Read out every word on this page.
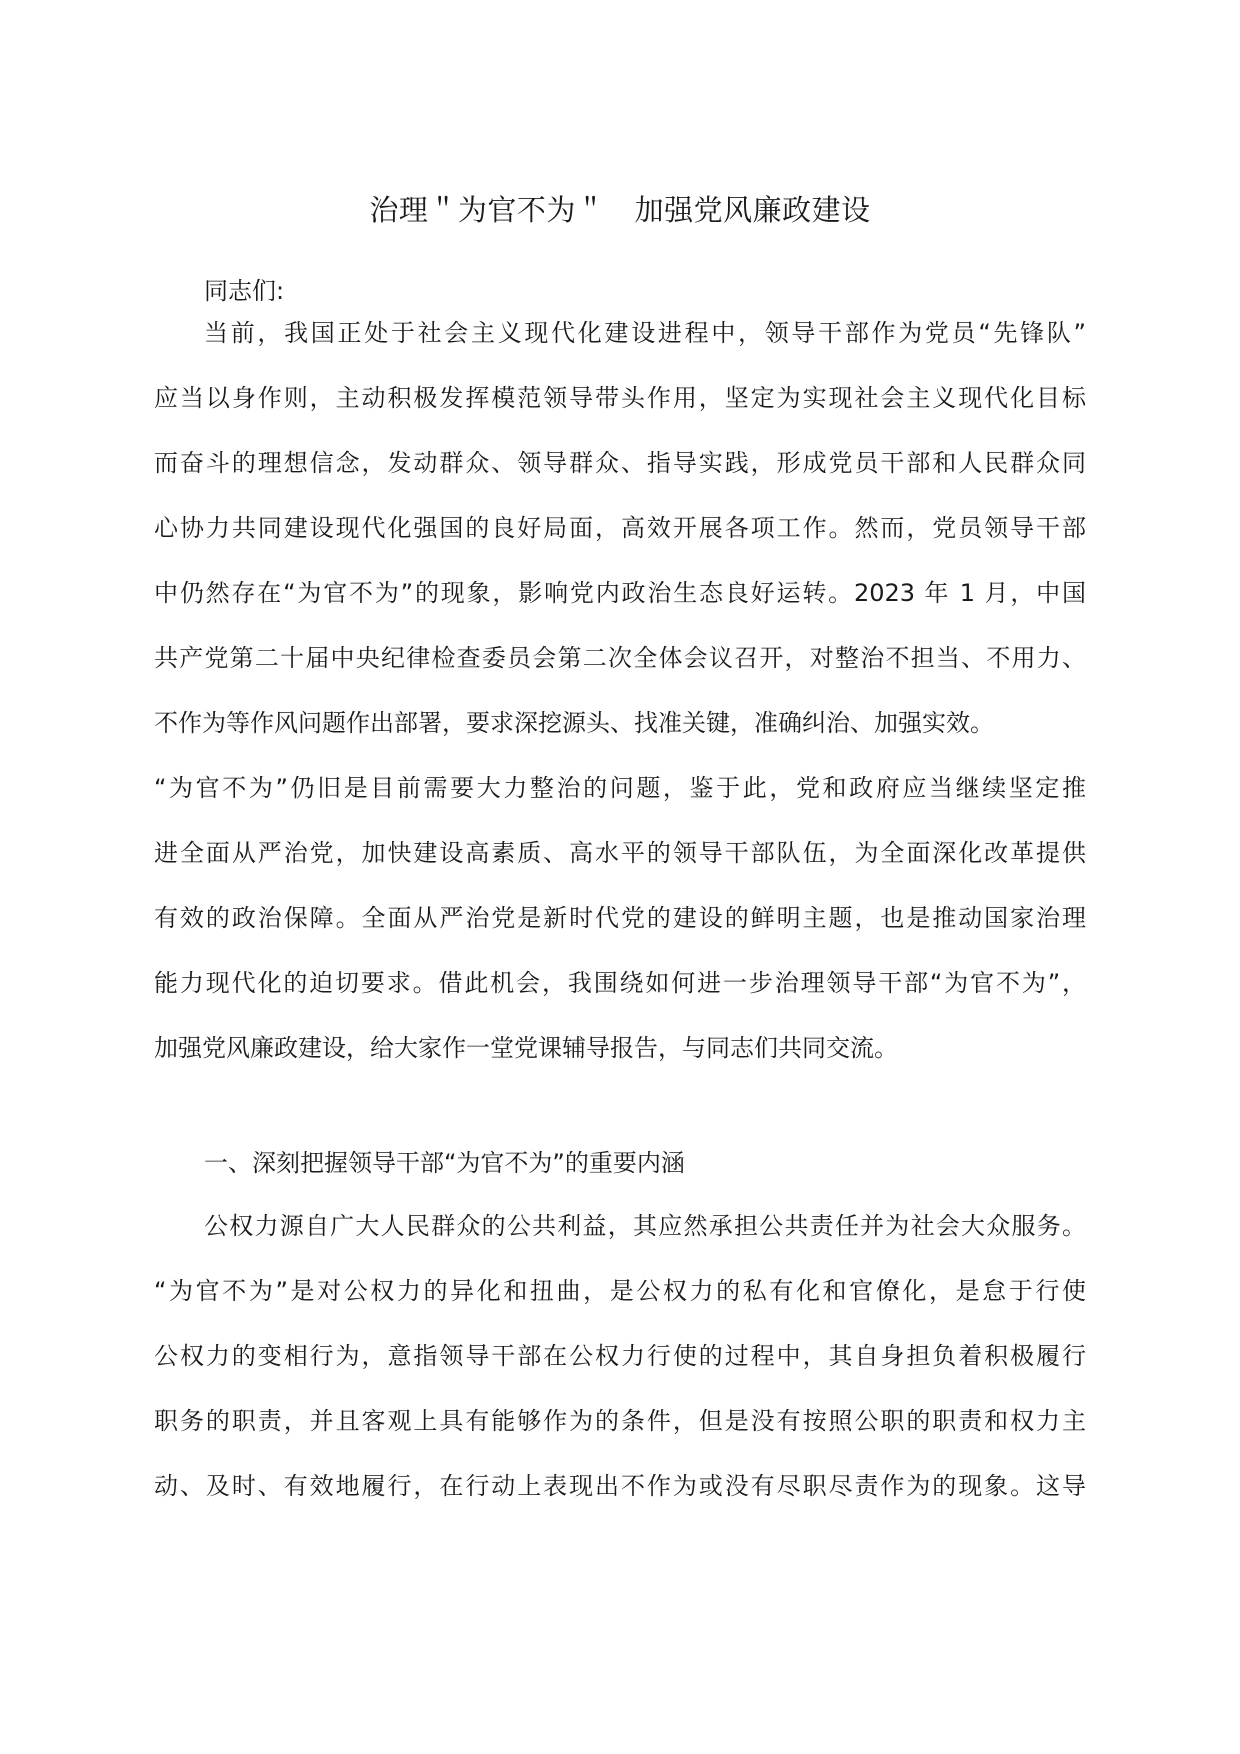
治理＂为官不为＂   加强党风廉政建设

同志们:

当前，我国正处于社会主义现代化建设进程中，领导干部作为党员“先锋队”
应当以身作则，主动积极发挥模范领导带头作用，坚定为实现社会主义现代化目标
而奋斗的理想信念，发动群众、领导群众、指导实践，形成党员干部和人民群众同
心协力共同建设现代化强国的良好局面，高效开展各项工作。然而，党员领导干部
中仍然存在“为官不为”的现象，影响党内政治生态良好运转。2023 年 1 月，中国
共产党第二十届中央纪律检查委员会第二次全体会议召开，对整治不担当、不用力、
不作为等作风问题作出部署，要求深挖源头、找准关键，准确纠治、加强实效。
“为官不为”仍旧是目前需要大力整治的问题，鉴于此，党和政府应当继续坚定推
进全面从严治党，加快建设高素质、高水平的领导干部队伍，为全面深化改革提供
有效的政治保障。全面从严治党是新时代党的建设的鲜明主题，也是推动国家治理
能力现代化的迫切要求。借此机会，我围绕如何进一步治理领导干部“为官不为”，
加强党风廉政建设，给大家作一堂党课辅导报告，与同志们共同交流。

一、深刻把握领导干部“为官不为”的重要内涵

公权力源自广大人民群众的公共利益，其应然承担公共责任并为社会大众服务。
“为官不为”是对公权力的异化和扭曲，是公权力的私有化和官僚化，是怠于行使
公权力的变相行为，意指领导干部在公权力行使的过程中，其自身担负着积极履行
职务的职责，并且客观上具有能够作为的条件，但是没有按照公职的职责和权力主
动、及时、有效地履行，在行动上表现出不作为或没有尽职尽责作为的现象。这导
